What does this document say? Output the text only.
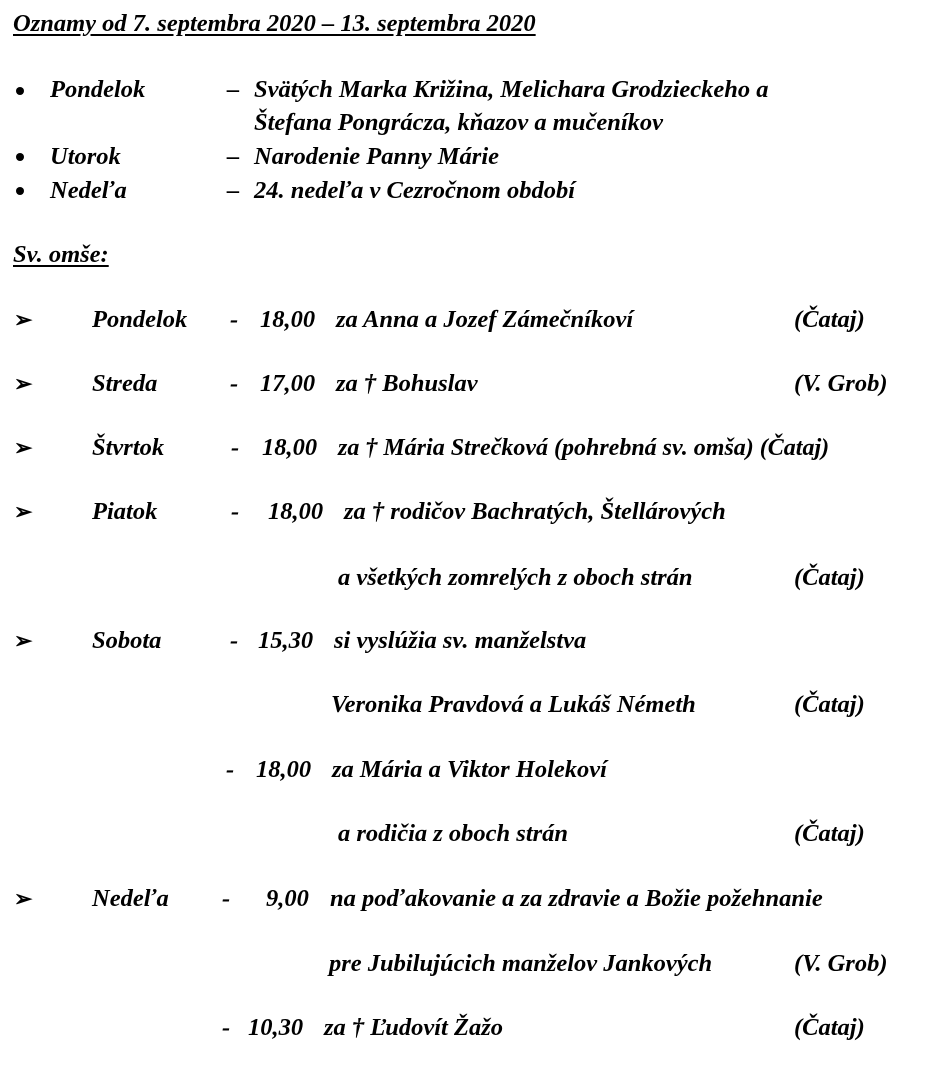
Oznamy od 7. septembra 2020 – 13. septembra 2020
Pondelok	– Svätých Marka Križina, Melichara Grodzieckeho a
Štefana Pongrácza, kňazov a mučeníkov
Utorok	– Narodenie Panny Márie
Nedeľa	– 24. nedeľa v Cezročnom období
Sv. omše:
➢ Pondelok - 18,00 za Anna a Jozef Zámečníkoví	(Čataj)
➢ Streda	- 17,00 za † Bohuslav	(V. Grob)
➢ Štvrtok	- 18,00 za † Mária Strečková (pohrebná sv. omša) (Čataj)
➢ Piatok	- 18,00 za † rodičov Bachratých, Štellárových
a všetkých zomrelých z oboch strán	(Čataj)
➢ Sobota	- 15,30 si vyslúžia sv. manželstva
Veronika Pravdová a Lukáš Németh	(Čataj)
- 18,00 za Mária a Viktor Holekoví
a rodičia z oboch strán	(Čataj)
➢ Nedeľa - 9,00 na poďakovanie a za zdravie a Božie požehnanie
pre Jubilujúcich manželov Jankových	(V. Grob)
- 10,30 za † Ľudovít Žažo	(Čataj)
